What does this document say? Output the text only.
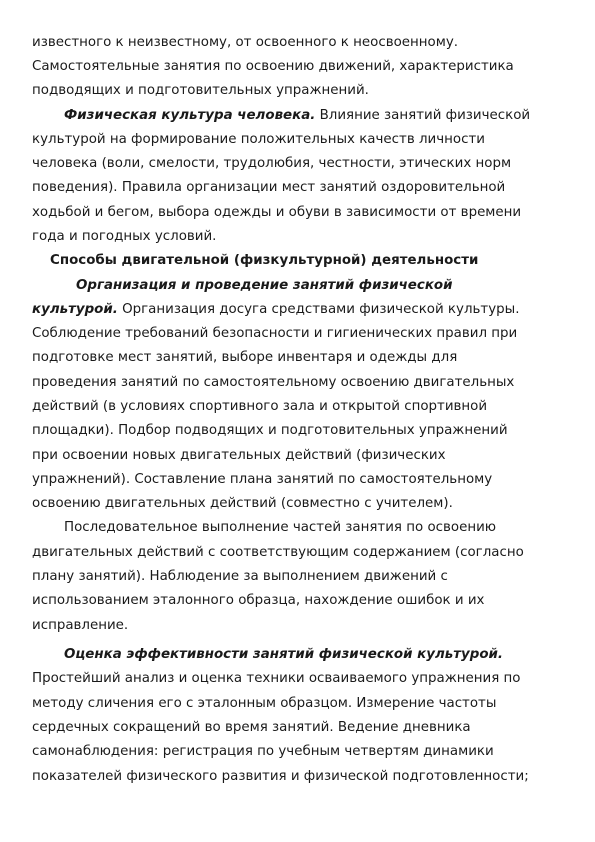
известного к неизвестному, от освоенного к неосвоенному.

Самостоятельные занятия по освоению движений, характеристика

подводящих и подготовительных упражнений.

Физическая культура человека. Влияние занятий физической

культурой на формирование положительных качеств личности

человека (воли, смелости, трудолюбия, честности, этических норм

поведения). Правила организации мест занятий оздоровительной

ходьбой и бегом, выбора одежды и обуви в зависимости от времени

года и погодных условий.

Способы двигательной (физкультурной) деятельности

Организация и проведение занятий физической

культурой. Организация досуга средствами физической культуры.

Соблюдение требований безопасности и гигиенических правил при

подготовке мест занятий, выборе инвентаря и одежды для

проведения занятий по самостоятельному освоению двигательных

действий (в условиях спортивного зала и открытой спортивной

площадки). Подбор подводящих и подготовительных упражнений

при освоении новых двигательных действий (физических

упражнений). Составление плана занятий по самостоятельному

освоению двигательных действий (совместно с учителем).

Последовательное выполнение частей занятия по освоению

двигательных действий с соответствующим содержанием (согласно

плану занятий). Наблюдение за выполнением движений с

использованием эталонного образца, нахождение ошибок и их

исправление.

Оценка эффективности занятий физической культурой.

Простейший анализ и оценка техники осваиваемого упражнения по

методу сличения его с эталонным образцом. Измерение частоты

сердечных сокращений во время занятий. Ведение дневника

самонаблюдения: регистрация по учебным четвертям динамики

показателей физического развития и физической подготовленности;
